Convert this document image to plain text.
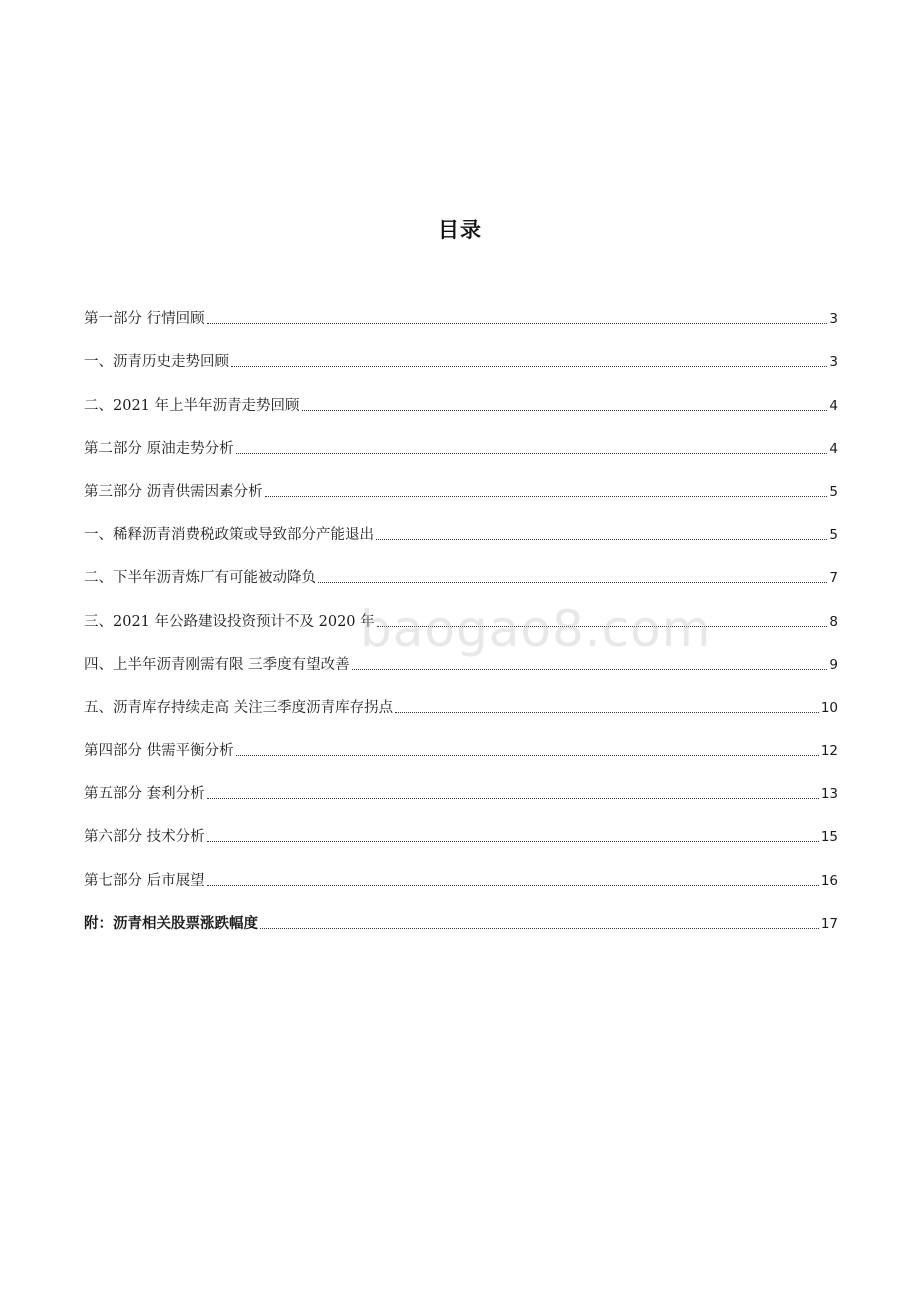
目录
第一部分 行情回顾	3
一、沥青历史走势回顾	3
二、2021 年上半年沥青走势回顾	4
第二部分 原油走势分析	4
第三部分 沥青供需因素分析	5
一、稀释沥青消费税政策或导致部分产能退出	5
二、下半年沥青炼厂有可能被动降负	7
三、2021 年公路建设投资预计不及 2020 年	8
四、上半年沥青刚需有限 三季度有望改善	9
五、沥青库存持续走高 关注三季度沥青库存拐点	10
第四部分 供需平衡分析	12
第五部分 套利分析	13
第六部分 技术分析	15
第七部分 后市展望	16
附：沥青相关股票涨跌幅度	17
baogao8.com
